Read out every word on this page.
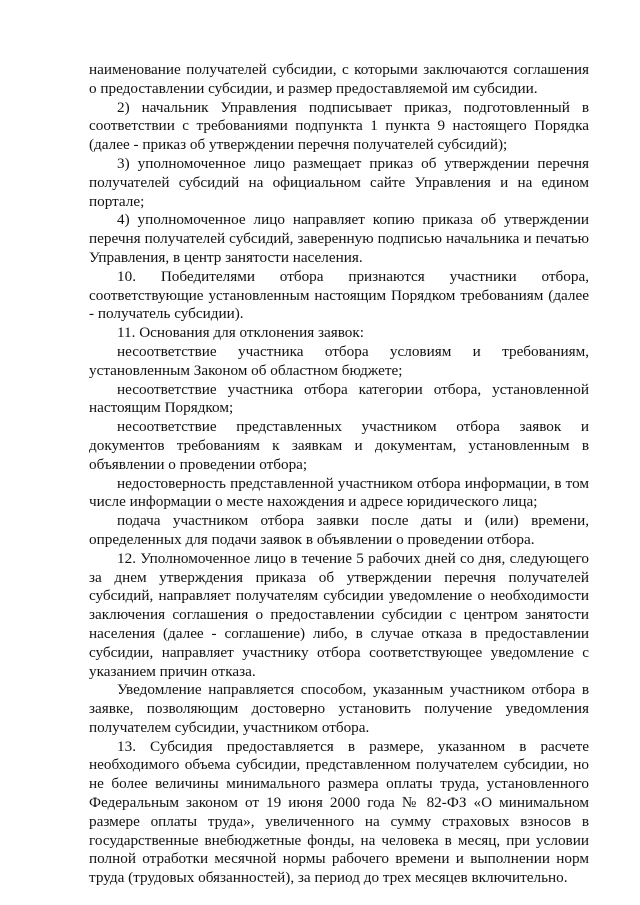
наименование получателей субсидии, с которыми заключаются соглашения о предоставлении субсидии, и размер предоставляемой им субсидии.

2) начальник Управления подписывает приказ, подготовленный в соответствии с требованиями подпункта 1 пункта 9 настоящего Порядка (далее - приказ об утверждении перечня получателей субсидий);

3) уполномоченное лицо размещает приказ об утверждении перечня получателей субсидий на официальном сайте Управления и на едином портале;

4) уполномоченное лицо направляет копию приказа об утверждении перечня получателей субсидий, заверенную подписью начальника и печатью Управления, в центр занятости населения.

10. Победителями отбора признаются участники отбора, соответствующие установленным настоящим Порядком требованиям (далее - получатель субсидии).

11. Основания для отклонения заявок:

несоответствие участника отбора условиям и требованиям, установленным Законом об областном бюджете;

несоответствие участника отбора категории отбора, установленной настоящим Порядком;

несоответствие представленных участником отбора заявок и документов требованиям к заявкам и документам, установленным в объявлении о проведении отбора;

недостоверность представленной участником отбора информации, в том числе информации о месте нахождения и адресе юридического лица;

подача участником отбора заявки после даты и (или) времени, определенных для подачи заявок в объявлении о проведении отбора.

12. Уполномоченное лицо в течение 5 рабочих дней со дня, следующего за днем утверждения приказа об утверждении перечня получателей субсидий, направляет получателям субсидии уведомление о необходимости заключения соглашения о предоставлении субсидии с центром занятости населения (далее - соглашение) либо, в случае отказа в предоставлении субсидии, направляет участнику отбора соответствующее уведомление с указанием причин отказа.

Уведомление направляется способом, указанным участником отбора в заявке, позволяющим достоверно установить получение уведомления получателем субсидии, участником отбора.

13. Субсидия предоставляется в размере, указанном в расчете необходимого объема субсидии, представленном получателем субсидии, но не более величины минимального размера оплаты труда, установленного Федеральным законом от 19 июня 2000 года № 82-ФЗ «О минимальном размере оплаты труда», увеличенного на сумму страховых взносов в государственные внебюджетные фонды, на человека в месяц, при условии полной отработки месячной нормы рабочего времени и выполнении норм труда (трудовых обязанностей), за период до трех месяцев включительно.
